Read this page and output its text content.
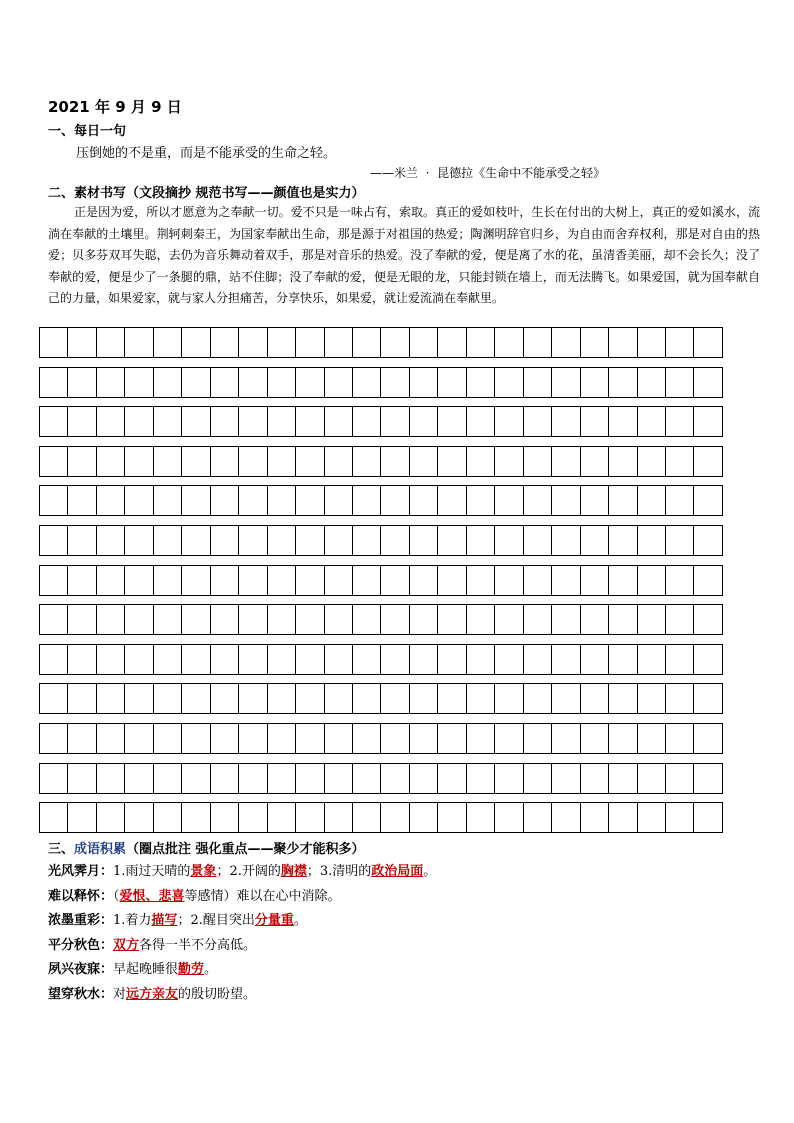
2021 年 9 月 9 日
一、每日一句
压倒她的不是重，而是不能承受的生命之轻。
——米兰  ·  昆德拉《生命中不能承受之轻》
二、素材书写（文段摘抄 规范书写——颜值也是实力）
正是因为爱，所以才愿意为之奉献一切。爱不只是一味占有，索取。真正的爱如枝叶，生长在付出的大树上，真正的爱如溪水，流淌在奉献的土壤里。荆轲刺秦王，为国家奉献出生命，那是源于对祖国的热爱；陶渊明辞官归乡，为自由而舍弃权利，那是对自由的热爱；贝多芬双耳失聪，去仍为音乐舞动着双手，那是对音乐的热爱。没了奉献的爱，便是离了水的花，虽清香美丽，却不会长久；没了奉献的爱，便是少了一条腿的鼎，站不住脚；没了奉献的爱，便是无眼的龙，只能封锁在墙上，而无法腾飞。如果爱国，就为国奉献自己的力量，如果爱家，就与家人分担痛苦，分享快乐，如果爱，就让爱流淌在奉献里。
三、成语积累（圈点批注 强化重点——聚少才能积多）
光风霁月：1.雨过天晴的景象；2.开阔的胸襟；3.清明的政治局面。
难以释怀：（爱恨、悲喜等感情）难以在心中消除。
浓墨重彩：1.着力描写；2.醒目突出分量重。
平分秋色：双方各得一半不分高低。
夙兴夜寐：早起晚睡很勤劳。
望穿秋水：对远方亲友的殷切盼望。
